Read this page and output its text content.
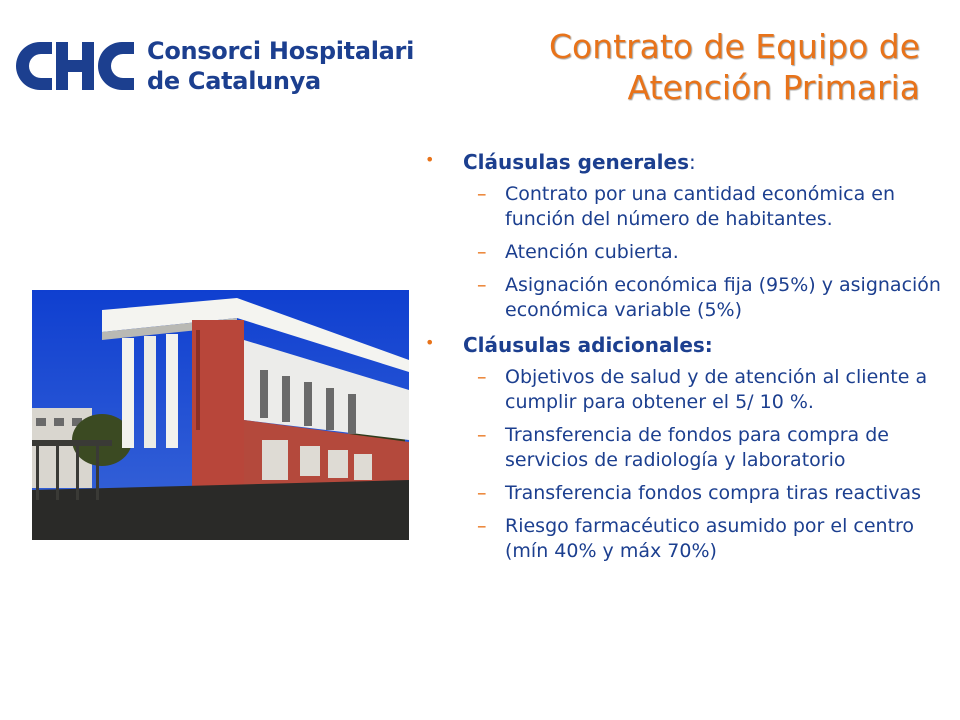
Consorci Hospitalari
de Catalunya
Contrato de Equipo de
Atención Primaria
• Cláusulas generales:
– Contrato por una cantidad económica en función del número de habitantes.
– Atención cubierta.
– Asignación económica fija (95%) y asignación económica variable (5%)
• Cláusulas adicionales:
– Objetivos de salud y de atención al cliente a cumplir para obtener el 5/ 10 %.
– Transferencia de fondos para compra de servicios de radiología y laboratorio
– Transferencia fondos compra tiras reactivas
– Riesgo farmacéutico asumido por el centro (mín 40% y máx 70%)
